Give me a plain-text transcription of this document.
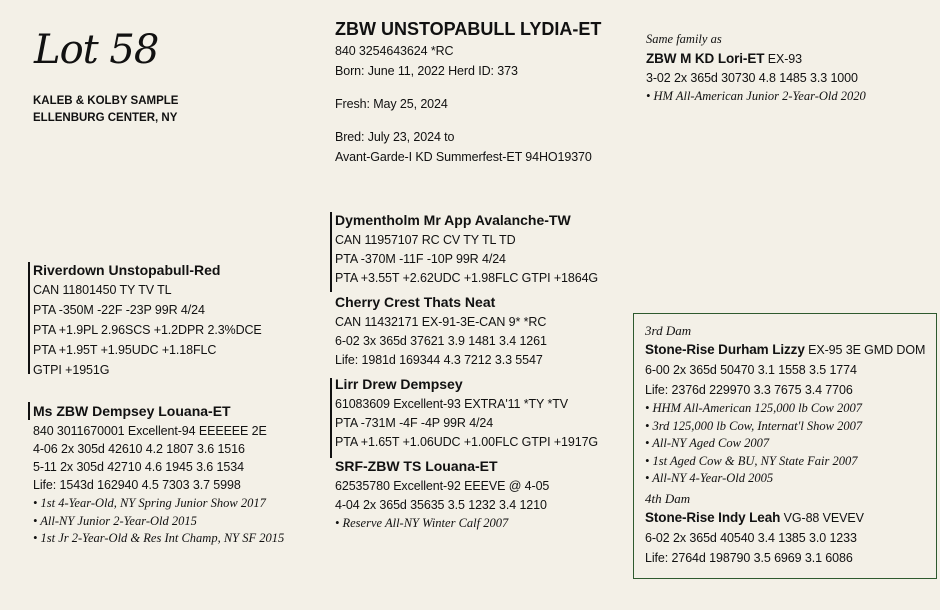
Lot 58
KALEB & KOLBY SAMPLE
ELLENBURG CENTER, NY
ZBW UNSTOPABULL LYDIA-ET
840 3254643624 *RC
Born: June 11, 2022 Herd ID: 373
Fresh: May 25, 2024
Bred: July 23, 2024 to
Avant-Garde-I KD Summerfest-ET 94HO19370
Same family as
ZBW M KD Lori-ET EX-93
3-02 2x 365d 30730 4.8 1485 3.3 1000
• HM All-American Junior 2-Year-Old 2020
Riverdown Unstopabull-Red
CAN 11801450 TY TV TL
PTA -350M -22F -23P 99R 4/24
PTA +1.9PL 2.96SCS +1.2DPR 2.3%DCE
PTA +1.95T +1.95UDC +1.18FLC
GTPI +1951G
Ms ZBW Dempsey Louana-ET
840 3011670001 Excellent-94 EEEEEE 2E
4-06 2x 305d 42610 4.2 1807 3.6 1516
5-11 2x 305d 42710 4.6 1945 3.6 1534
Life: 1543d 162940 4.5 7303 3.7 5998
• 1st 4-Year-Old, NY Spring Junior Show 2017
• All-NY Junior 2-Year-Old 2015
• 1st Jr 2-Year-Old & Res Int Champ, NY SF 2015
Dymentholm Mr App Avalanche-TW
CAN 11957107 RC CV TY TL TD
PTA -370M -11F -10P 99R 4/24
PTA +3.55T +2.62UDC +1.98FLC GTPI +1864G
Cherry Crest Thats Neat
CAN 11432171 EX-91-3E-CAN 9* *RC
6-02 3x 365d 37621 3.9 1481 3.4 1261
Life: 1981d 169344 4.3 7212 3.3 5547
Lirr Drew Dempsey
61083609 Excellent-93 EXTRA'11 *TY *TV
PTA -731M -4F -4P 99R 4/24
PTA +1.65T +1.06UDC +1.00FLC GTPI +1917G
SRF-ZBW TS Louana-ET
62535780 Excellent-92 EEEVE @ 4-05
4-04 2x 365d 35635 3.5 1232 3.4 1210
• Reserve All-NY Winter Calf 2007
3rd Dam
Stone-Rise Durham Lizzy EX-95 3E GMD DOM
6-00 2x 365d 50470 3.1 1558 3.5 1774
Life: 2376d 229970 3.3 7675 3.4 7706
• HHM All-American 125,000 lb Cow 2007
• 3rd 125,000 lb Cow, Internat'l Show 2007
• All-NY Aged Cow 2007
• 1st Aged Cow & BU, NY State Fair 2007
• All-NY 4-Year-Old 2005
4th Dam
Stone-Rise Indy Leah VG-88 VEVEV
6-02 2x 365d 40540 3.4 1385 3.0 1233
Life: 2764d 198790 3.5 6969 3.1 6086
